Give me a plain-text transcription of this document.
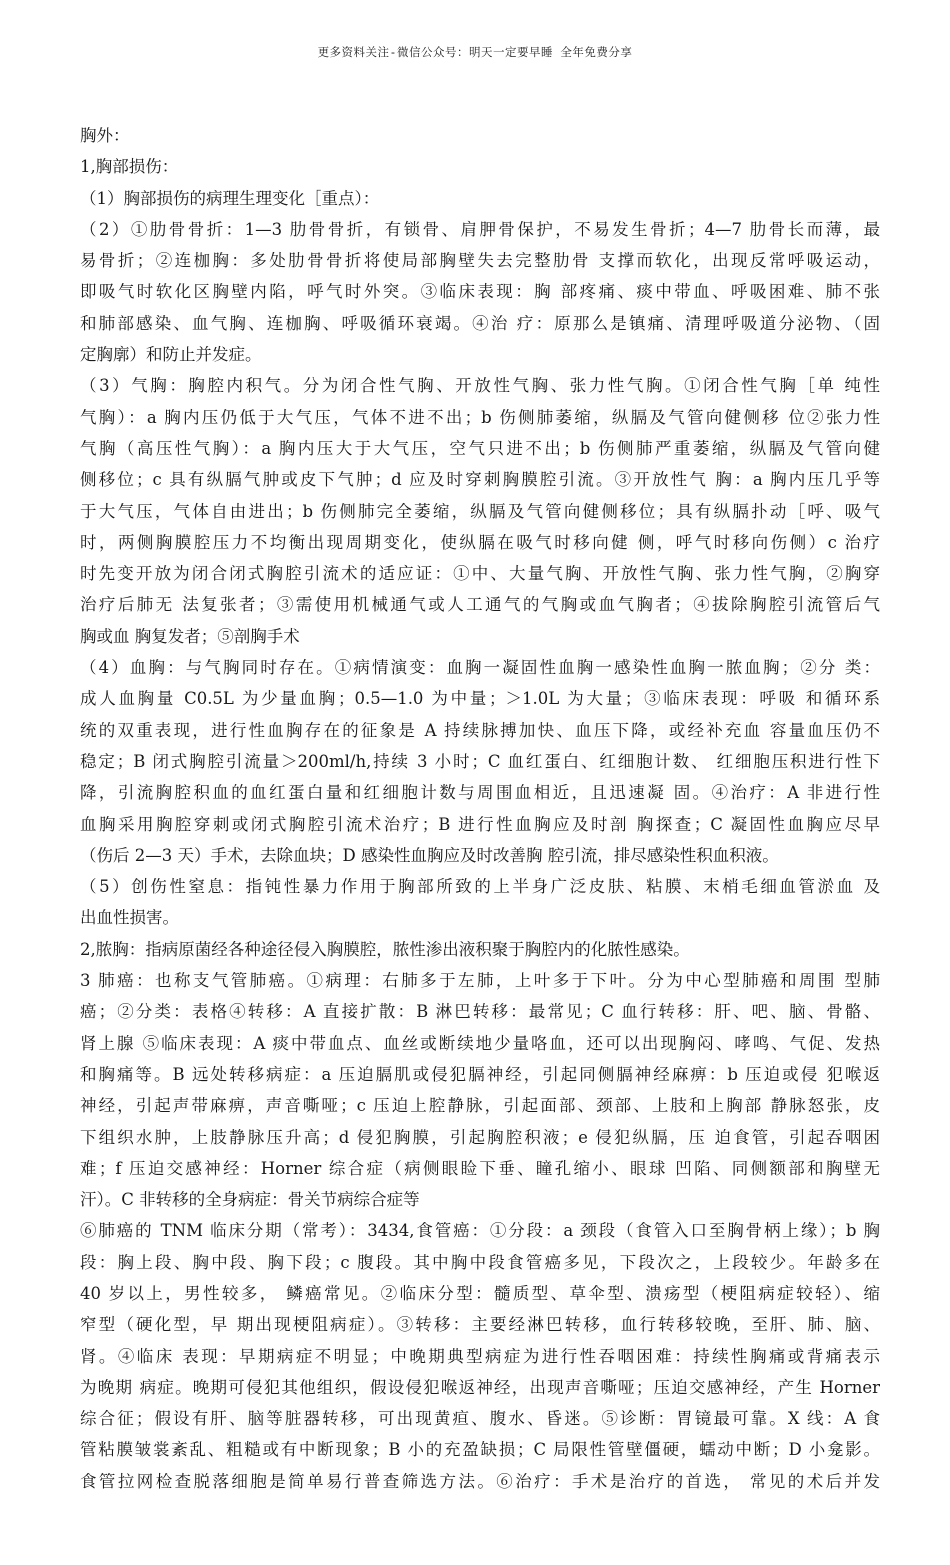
更多资料关注-微信公众号：明天一定要早睡 全年免费分享
胸外：
1,胸部损伤：
（1）胸部损伤的病理生理变化［重点）：
（2）①肋骨骨折：1—3 肋骨骨折，有锁骨、肩胛骨保护，不易发生骨折；4—7 肋骨长而薄，最
易骨折；②连枷胸：多处肋骨骨折将使局部胸壁失去完整肋骨 支撑而软化，出现反常呼吸运动，
即吸气时软化区胸壁内陷，呼气时外突。③临床表现：胸 部疼痛、痰中带血、呼吸困难、肺不张
和肺部感染、血气胸、连枷胸、呼吸循环衰竭。④治 疗：原那么是镇痛、清理呼吸道分泌物、（固
定胸廓）和防止并发症。
（3）气胸：胸腔内积气。分为闭合性气胸、开放性气胸、张力性气胸。①闭合性气胸［单 纯性
气胸）：a 胸内压仍低于大气压，气体不进不出；b 伤侧肺萎缩，纵膈及气管向健侧移 位②张力性
气胸（高压性气胸）：a 胸内压大于大气压，空气只进不出；b 伤侧肺严重萎缩，纵膈及气管向健
侧移位；c 具有纵膈气肿或皮下气肿；d 应及时穿刺胸膜腔引流。③开放性气 胸：a 胸内压几乎等
于大气压，气体自由进出；b 伤侧肺完全萎缩，纵膈及气管向健侧移位；具有纵膈扑动［呼、吸气
时，两侧胸膜腔压力不均衡出现周期变化，使纵膈在吸气时移向健 侧，呼气时移向伤侧）c 治疗
时先变开放为闭合闭式胸腔引流术的适应证：①中、大量气胸、开放性气胸、张力性气胸，②胸穿
治疗后肺无 法复张者；③需使用机械通气或人工通气的气胸或血气胸者；④拔除胸腔引流管后气
胸或血 胸复发者；⑤剖胸手术
（4）血胸：与气胸同时存在。①病情演变：血胸一凝固性血胸一感染性血胸一脓血胸；②分 类：
成人血胸量 C0.5L 为少量血胸；0.5—1.0 为中量；＞1.0L 为大量；③临床表现：呼吸 和循环系
统的双重表现，进行性血胸存在的征象是 A 持续脉搏加快、血压下降，或经补充血 容量血压仍不
稳定；B 闭式胸腔引流量＞200ml/h,持续 3 小时；C 血红蛋白、红细胞计数、 红细胞压积进行性下
降，引流胸腔积血的血红蛋白量和红细胞计数与周围血相近，且迅速凝 固。④治疗：A 非进行性
血胸采用胸腔穿刺或闭式胸腔引流术治疗；B 进行性血胸应及时剖 胸探查；C 凝固性血胸应尽早
（伤后 2—3 天）手术，去除血块；D 感染性血胸应及时改善胸 腔引流，排尽感染性积血积液。
（5）创伤性窒息：指钝性暴力作用于胸部所致的上半身广泛皮肤、粘膜、末梢毛细血管淤血 及
出血性损害。
2,脓胸：指病原菌经各种途径侵入胸膜腔，脓性渗出液积聚于胸腔内的化脓性感染。
3 肺癌：也称支气管肺癌。①病理：右肺多于左肺，上叶多于下叶。分为中心型肺癌和周围 型肺
癌；②分类：表格④转移：A 直接扩散：B 淋巴转移：最常见；C 血行转移：肝、吧、脑、骨骼、
肾上腺 ⑤临床表现：A 痰中带血点、血丝或断续地少量咯血，还可以出现胸闷、哮鸣、气促、发热
和胸痛等。B 远处转移病症：a 压迫膈肌或侵犯膈神经，引起同侧膈神经麻痹：b 压迫或侵 犯喉返
神经，引起声带麻痹，声音嘶哑；c 压迫上腔静脉，引起面部、颈部、上肢和上胸部 静脉怒张，皮
下组织水肿，上肢静脉压升高；d 侵犯胸膜，引起胸腔积液；e 侵犯纵膈，压 迫食管，引起吞咽困
难；f 压迫交感神经：Horner 综合症（病侧眼睑下垂、瞳孔缩小、眼球 凹陷、同侧额部和胸壁无
汗）。C 非转移的全身病症：骨关节病综合症等
⑥肺癌的 TNM 临床分期（常考）：3434,食管癌：①分段：a 颈段（食管入口至胸骨柄上缘）；b 胸
段：胸上段、胸中段、胸下段；c 腹段。其中胸中段食管癌多见，下段次之，上段较少。年龄多在
40 岁以上，男性较多， 鳞癌常见。②临床分型：髓质型、草伞型、溃疡型（梗阻病症较轻）、缩
窄型（硬化型，早 期出现梗阻病症）。③转移：主要经淋巴转移，血行转移较晚，至肝、肺、脑、
肾。④临床 表现：早期病症不明显；中晚期典型病症为进行性吞咽困难：持续性胸痛或背痛表示
为晚期 病症。晚期可侵犯其他组织，假设侵犯喉返神经，出现声音嘶哑；压迫交感神经，产生 Horner
综合征；假设有肝、脑等脏器转移，可出现黄疸、腹水、昏迷。⑤诊断：胃镜最可靠。X 线：A 食
管粘膜皱裳紊乱、粗糙或有中断现象；B 小的充盈缺损；C 局限性管壁僵硬，蠕动中断；D 小龛影。
食管拉网检查脱落细胞是简单易行普查筛选方法。⑥治疗：手术是治疗的首选， 常见的术后并发
